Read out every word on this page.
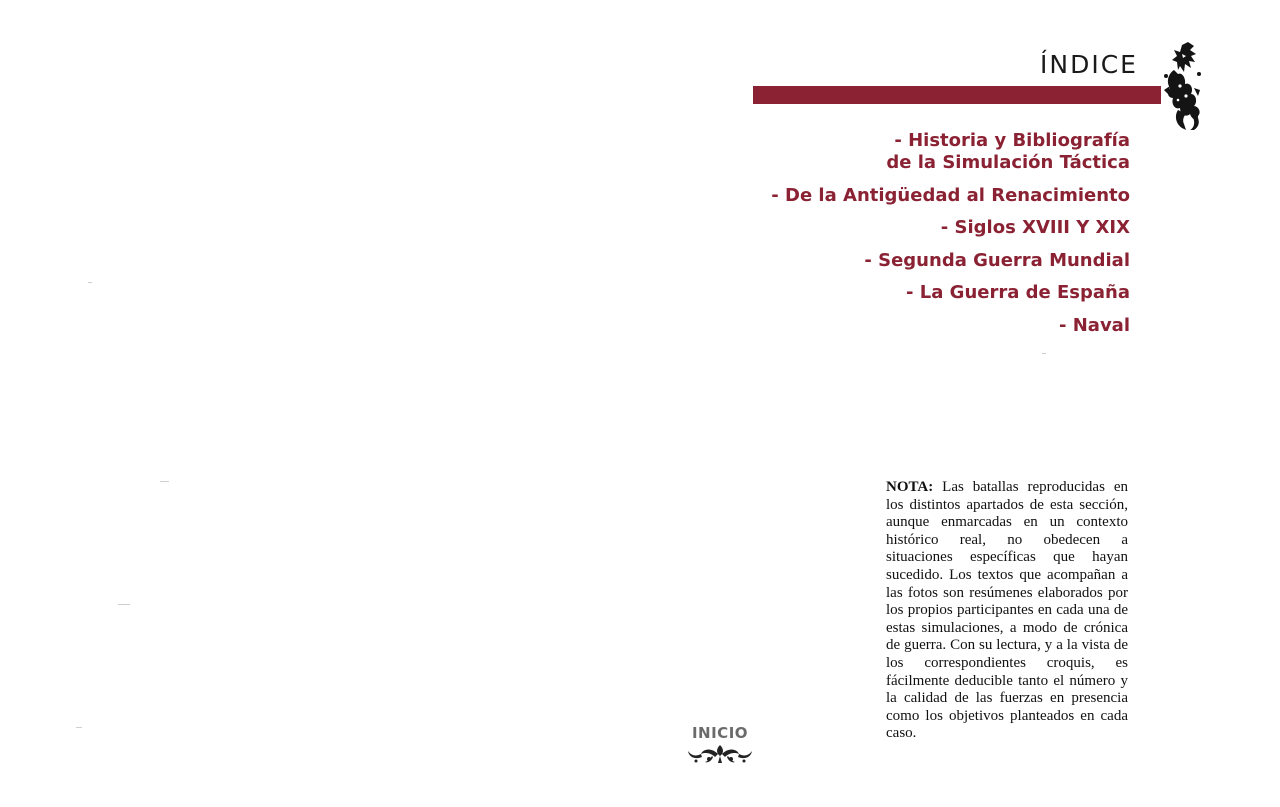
ÍNDICE
- Historia y Bibliografía
de la Simulación Táctica
- De la Antigüedad al Renacimiento
- Siglos XVIII Y XIX
- Segunda Guerra Mundial
- La Guerra de España
- Naval
NOTA: Las batallas reproducidas en los distintos apartados de esta sección, aunque enmarcadas en un contexto histórico real, no obedecen a situaciones específicas que hayan sucedido. Los textos que acompañan a las fotos son resúmenes elaborados por los propios participantes en cada una de estas simulaciones, a modo de crónica de guerra. Con su lectura, y a la vista de los correspondientes croquis, es fácilmente deducible tanto el número y la calidad de las fuerzas en presencia como los objetivos planteados en cada caso.
INICIO
